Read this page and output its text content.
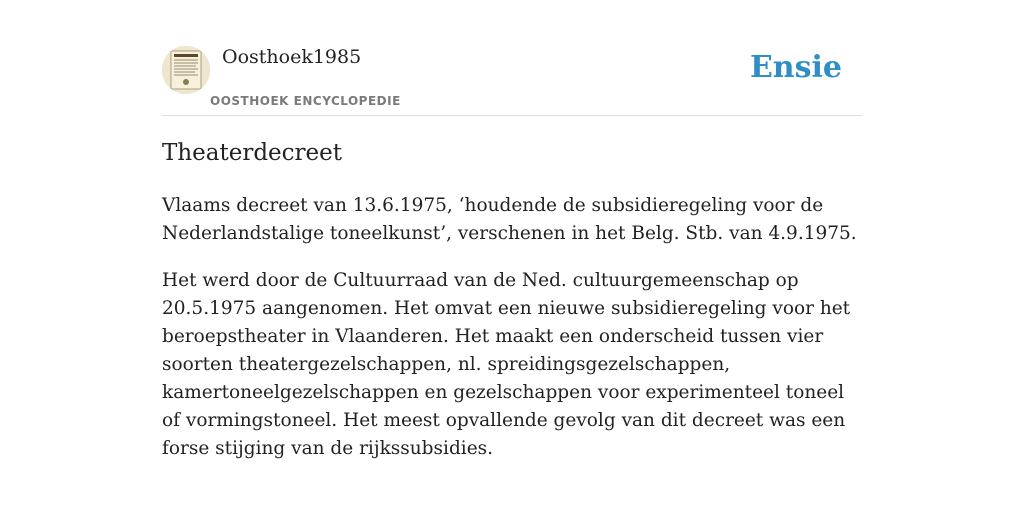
Oosthoek1985
OOSTHOEK ENCYCLOPEDIE
Ensie
Theaterdecreet

Vlaams decreet van 13.6.1975, ‘houdende de subsidieregeling voor de Nederlandstalige toneelkunst’, verschenen in het Belg. Stb. van 4.9.1975.

Het werd door de Cultuurraad van de Ned. cultuurgemeenschap op 20.5.1975 aangenomen. Het omvat een nieuwe subsidieregeling voor het beroepstheater in Vlaanderen. Het maakt een onderscheid tussen vier soorten theatergezelschappen, nl. spreidingsgezelschappen, kamertoneelgezelschappen en gezelschappen voor experimenteel toneel of vormingstoneel. Het meest opvallende gevolg van dit decreet was een forse stijging van de rijkssubsidies.
